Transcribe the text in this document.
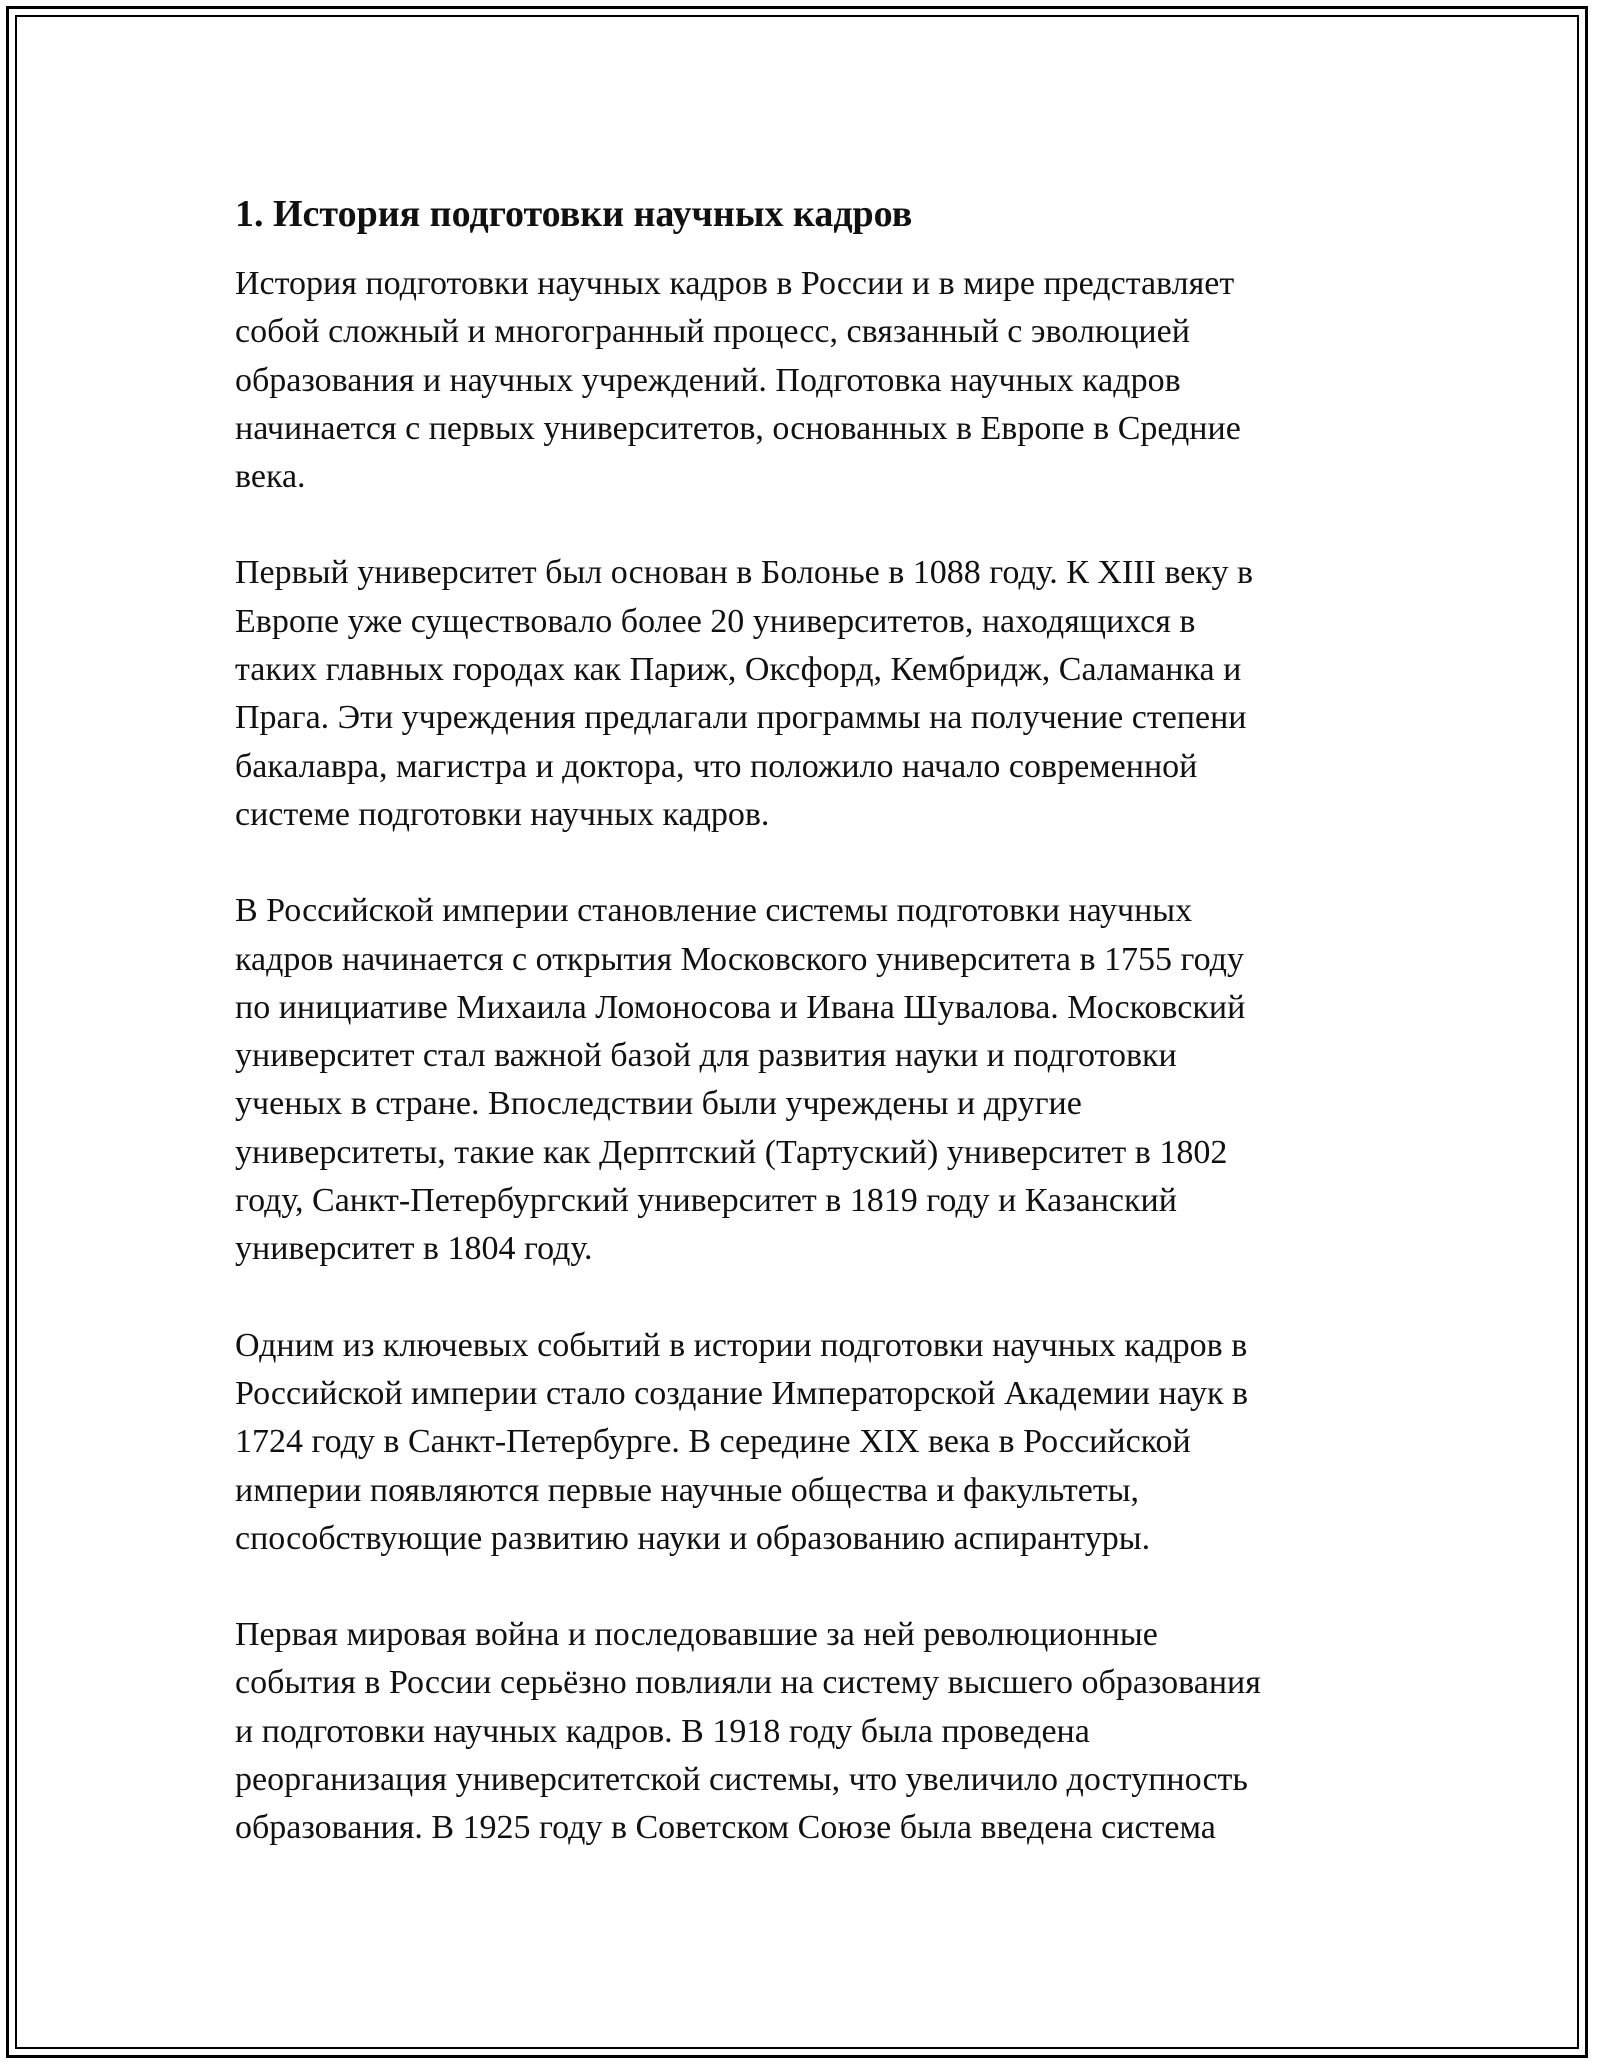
1. История подготовки научных кадров
История подготовки научных кадров в России и в мире представляет
собой сложный и многогранный процесс, связанный с эволюцией
образования и научных учреждений. Подготовка научных кадров
начинается с первых университетов, основанных в Европе в Средние
века.
Первый университет был основан в Болонье в 1088 году. К XIII веку в
Европе уже существовало более 20 университетов, находящихся в
таких главных городах как Париж, Оксфорд, Кембридж, Саламанка и
Прага. Эти учреждения предлагали программы на получение степени
бакалавра, магистра и доктора, что положило начало современной
системе подготовки научных кадров.
В Российской империи становление системы подготовки научных
кадров начинается с открытия Московского университета в 1755 году
по инициативе Михаила Ломоносова и Ивана Шувалова. Московский
университет стал важной базой для развития науки и подготовки
ученых в стране. Впоследствии были учреждены и другие
университеты, такие как Дерптский (Тартуский) университет в 1802
году, Санкт-Петербургский университет в 1819 году и Казанский
университет в 1804 году.
Одним из ключевых событий в истории подготовки научных кадров в
Российской империи стало создание Императорской Академии наук в
1724 году в Санкт-Петербурге. В середине XIX века в Российской
империи появляются первые научные общества и факультеты,
способствующие развитию науки и образованию аспирантуры.
Первая мировая война и последовавшие за ней революционные
события в России серьёзно повлияли на систему высшего образования
и подготовки научных кадров. В 1918 году была проведена
реорганизация университетской системы, что увеличило доступность
образования. В 1925 году в Советском Союзе была введена система
